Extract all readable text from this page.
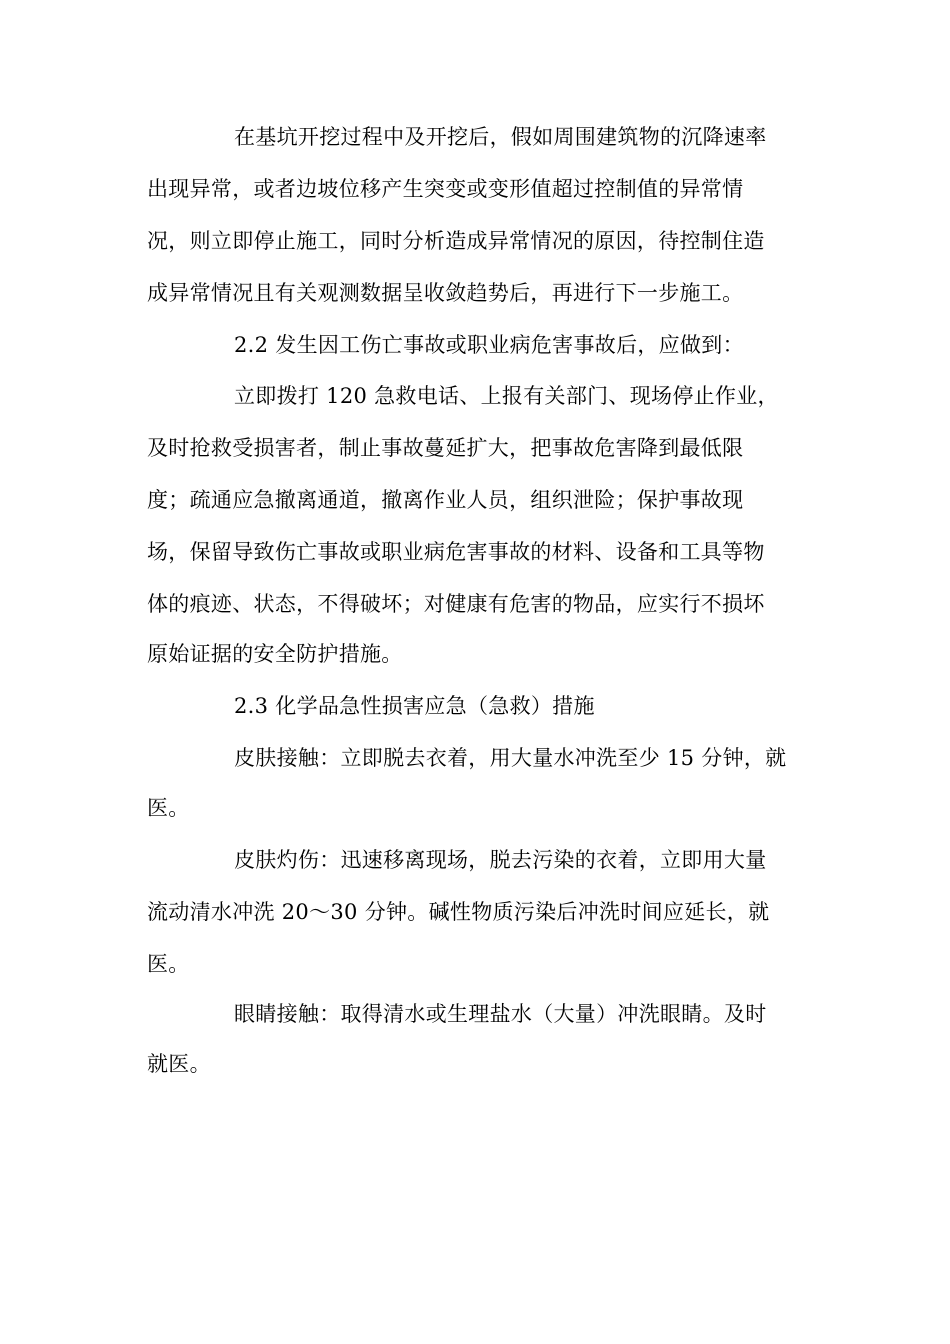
在基坑开挖过程中及开挖后，假如周围建筑物的沉降速率
出现异常，或者边坡位移产生突变或变形值超过控制值的异常情
况，则立即停止施工，同时分析造成异常情况的原因，待控制住造
成异常情况且有关观测数据呈收敛趋势后，再进行下一步施工。
2.2 发生因工伤亡事故或职业病危害事故后，应做到：
立即拨打 120 急救电话、上报有关部门、现场停止作业，
及时抢救受损害者，制止事故蔓延扩大，把事故危害降到最低限
度；疏通应急撤离通道，撤离作业人员，组织泄险；保护事故现
场，保留导致伤亡事故或职业病危害事故的材料、设备和工具等物
体的痕迹、状态，不得破坏；对健康有危害的物品，应实行不损坏
原始证据的安全防护措施。
2.3 化学品急性损害应急（急救）措施
皮肤接触：立即脱去衣着，用大量水冲洗至少 15 分钟，就
医。
皮肤灼伤：迅速移离现场，脱去污染的衣着，立即用大量
流动清水冲洗 20～30 分钟。碱性物质污染后冲洗时间应延长，就
医。
眼睛接触：取得清水或生理盐水（大量）冲洗眼睛。及时
就医。
